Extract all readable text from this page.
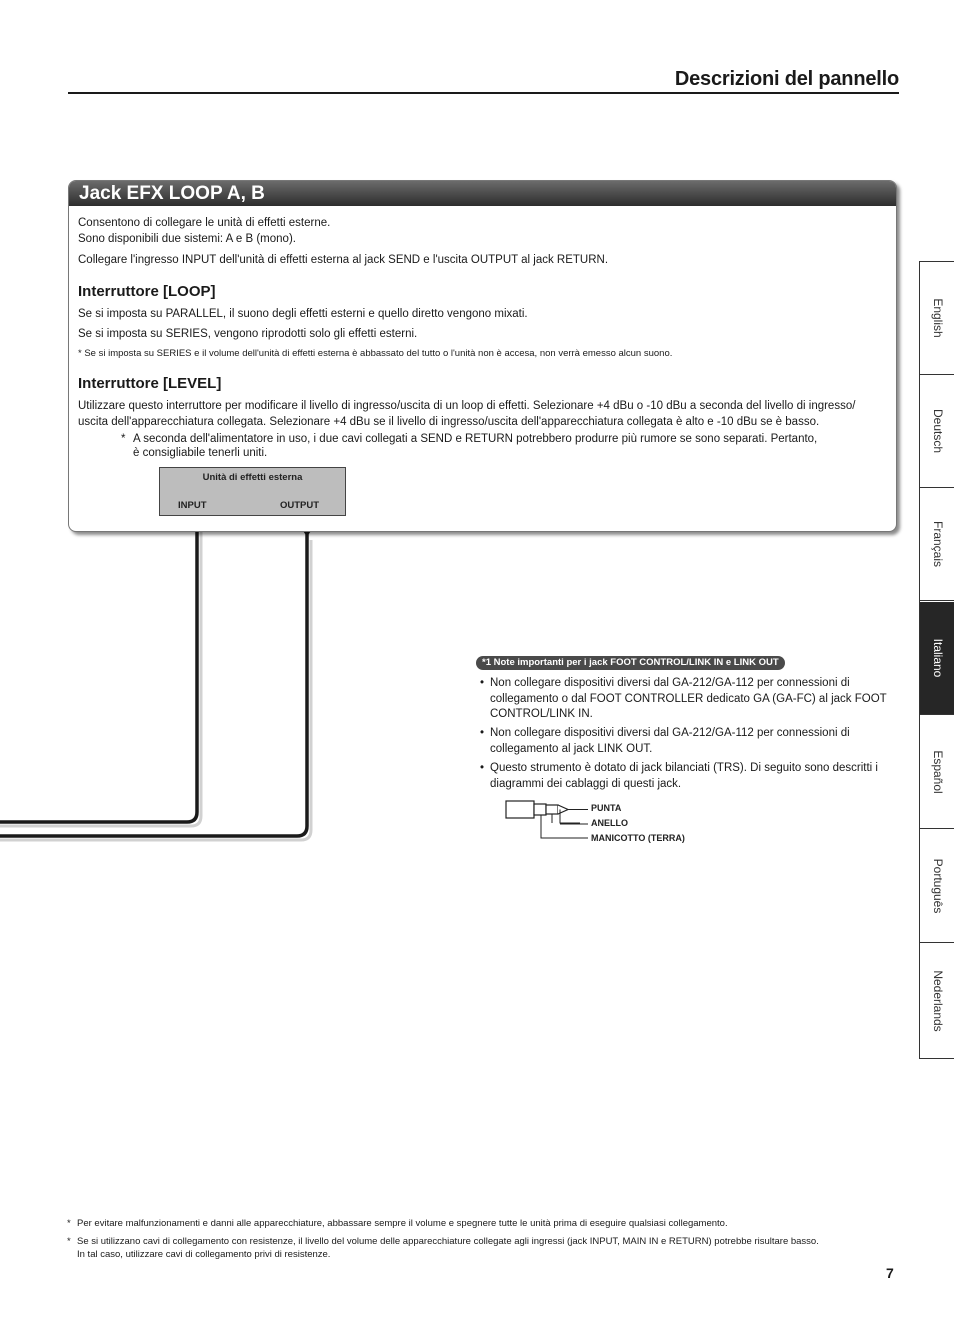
Descrizioni del pannello
English
Deutsch
Français
Italiano
Español
Português
Nederlands
Jack EFX LOOP A, B
Consentono di collegare le unità di effetti esterne.
Sono disponibili due sistemi: A e B (mono).
Collegare l'ingresso INPUT dell'unità di effetti esterna al jack SEND e l'uscita OUTPUT al jack RETURN.
Interruttore [LOOP]
Se si imposta su PARALLEL, il suono degli effetti esterni e quello diretto vengono mixati.
Se si imposta su SERIES, vengono riprodotti solo gli effetti esterni.
* Se si imposta su SERIES e il volume dell'unità di effetti esterna è abbassato del tutto o l'unità non è accesa, non verrà emesso alcun suono.
Interruttore [LEVEL]
Utilizzare questo interruttore per modificare il livello di ingresso/uscita di un loop di effetti. Selezionare +4 dBu o -10 dBu a seconda del livello di ingresso/
uscita dell'apparecchiatura collegata. Selezionare +4 dBu se il livello di ingresso/uscita dell'apparecchiatura collegata è alto e -10 dBu se è basso.
* A seconda dell'alimentatore in uso, i due cavi collegati a SEND e RETURN potrebbero produrre più rumore se sono separati. Pertanto,
è consigliabile tenerli uniti.
Unità di effetti esterna
INPUT	OUTPUT
*1 Note importanti per i jack FOOT CONTROL/LINK IN e LINK OUT
• Non collegare dispositivi diversi dal GA-212/GA-112 per connessioni di collegamento o dal FOOT CONTROLLER dedicato GA (GA-FC) al jack FOOT CONTROL/LINK IN.
• Non collegare dispositivi diversi dal GA-212/GA-112 per connessioni di collegamento al jack LINK OUT.
• Questo strumento è dotato di jack bilanciati (TRS). Di seguito sono descritti i diagrammi dei cablaggi di questi jack.
PUNTA
ANELLO
MANICOTTO (TERRA)
* Per evitare malfunzionamenti e danni alle apparecchiature, abbassare sempre il volume e spegnere tutte le unità prima di eseguire qualsiasi collegamento.
* Se si utilizzano cavi di collegamento con resistenze, il livello del volume delle apparecchiature collegate agli ingressi (jack INPUT, MAIN IN e RETURN) potrebbe risultare basso.
In tal caso, utilizzare cavi di collegamento privi di resistenze.
7
